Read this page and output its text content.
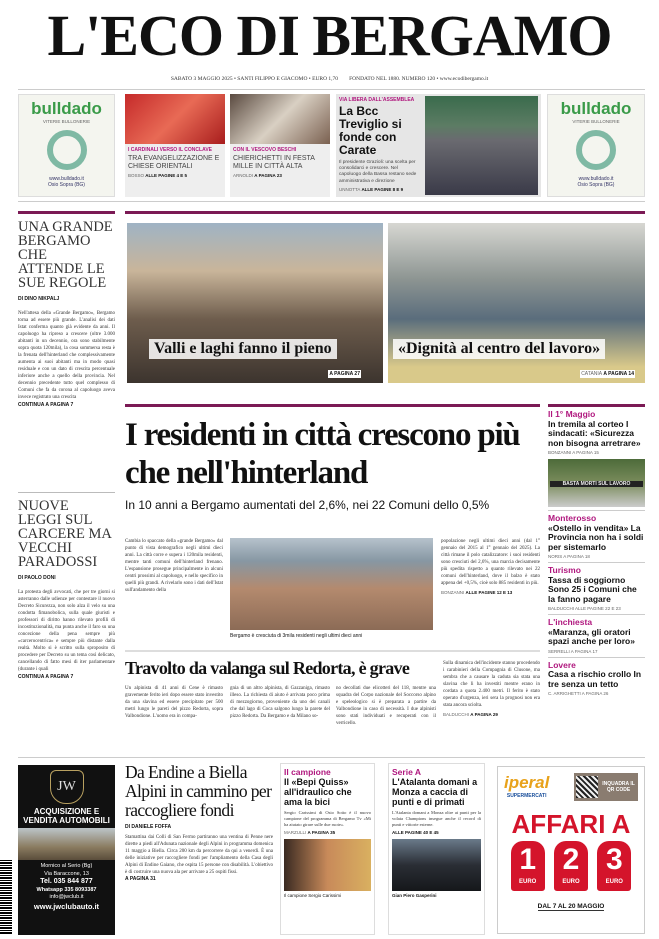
L'ECO DI BERGAMO
SABATO 3 MAGGIO 2025 • SANTI FILIPPO E GIACOMO • EURO 1,70 FONDATO NEL 1880. NUMERO 120 • www.ecodibergamo.it
bulldado
VITERIE BULLONERIE
www.bulldado.it
Osio Sopra (BG)
bulldado
VITERIE BULLONERIE
www.bulldado.it
Osio Sopra (BG)
I CARDINALI VERSO IL CONCLAVE
TRA EVANGELIZZAZIONE E CHIESE ORIENTALI
BOSSO ALLE PAGINE 4 E 5
CON IL VESCOVO BESCHI
CHIERICHETTI IN FESTA MILLE IN CITTÀ ALTA
ARNOLDI A PAGINA 23
VIA LIBERA DALL'ASSEMBLEA
La Bcc Treviglio si fonde con Carate
Il presidente Grazioli: una scelta per consolidarci e crescere. Nel capoluogo della Bassa restano sede amministrativa e direzione
UNNOTTA ALLE PAGINE 8 E 9
UNA GRANDE BERGAMO CHE ATTENDE LE SUE REGOLE
DI DINO NIKPALJ
Nell'attesa della «Grande Bergamo», Bergamo torna ad essere più grande. L'analisi dei dati Istat conferma quanto già evidente da anni. Il capoluogo ha ripreso a crescere (oltre 3.000 abitanti in un decennio, ora sono stabilmente sopra quota 120mila), la cosa sommersa resta è la frenata dell'hinterland che complessivamente aumenta ai suoi abitanti ma in modo quasi residuale e con un dato di crescita percentuale inferiore anche a quello della provincia. Nel decennio precedente tutto quel complesso di Comuni che fa da corona al capoluogo aveva invece registrato una crescita
CONTINUA A PAGINA 7
NUOVE LEGGI SUL CARCERE MA VECCHI PARADOSSI
DI PAOLO DONI
La protesta degli avvocati, che per tre giorni si asterranno dalle udienze per contestare il nuovo Decreto Sicurezza, non solo alza il velo su una condotta fimanobolica, sulla quale giuristi e professori di diritto hanno rilevato profili di incostituzionalità, ma punta anche il faro su una concezione della pena sempre più «carcerocentrica» e sempre più distante dalla realtà. Molto si è scritto sulla sproposito di procedere per Decreto su un tema così delicato, cancellando di fatto mesi di iter parlamentare (durante i quali
CONTINUA A PAGINA 7
Valli e laghi fanno il pieno
A PAGINA 27
«Dignità al centro del lavoro»
CATANIA A PAGINA 14
I residenti in città crescono più che nell'hinterland
In 10 anni a Bergamo aumentati del 2,6%, nei 22 Comuni dello 0,5%
Cambia lo spaccato della «grande Bergamo» dal punto di vista demografico negli ultimi dieci anni. La città corre e supera i 120mila residenti, mentre tanti comuni dell'hinterland frenano. L'espansione prosegue principalmente in alcuni centri prossimi al capoluogo, e nello specifico in quelli più grandi. A rivelarlo sono i dati dell'Istat sull'andamento della
Bergamo è cresciuta di 3mila residenti negli ultimi dieci anni
popolazione negli ultimi dieci anni (dal 1° gennaio del 2015 al 1° gennaio del 2025). La città rimane il polo catalizzatore: i suoi residenti sono cresciuti del 2,6%, una marcia decisamente più spedita rispetto a quanto rilevato nei 22 comuni dell'hinterland, dove il balzo è stato appena del +0,5%, cioè solo 885 residenti in più.
BONZANNI ALLE PAGINE 12 E 13
Travolto da valanga sul Redorta, è grave
Un alpinista di 41 anni di Cene è rimasto gravemente ferito ieri dopo essere stato investito da una slavina ed essere precipitato per 500 metri lungo le pareti del pizzo Redorta, sopra Valbondione. L'uomo era in compa-
gnia di un altro alpinista, di Gazzaniga, rimasto illeso. La richiesta di aiuto è arrivata poco prima di mezzogiorno, proveniente da uno dei canali che dal lago di Coca salgono lungo la parete del pizzo Redorta. Da Bergamo e da Milano so-
no decollati due elicotteri del 118, mentre una squadra del Corpo nazionale del Soccorso alpino e speleologico si è preparata a partire da Valbondione in caso di necessità. I due alpinisti sono stati individuati e recuperati con il verricello.
Sulla dinamica dell'incidente stanno procedendo i carabinieri della Compagnia di Clusone, ma sembra che a causare la caduta sia stata una slavina che li ha investiti mentre erano in cordata a quota 2.400 metri. Il ferito è stato operato d'urgenza, ieri sera la prognosi non era stata ancora sciolta.
BALDUCCHI A PAGINA 29
Il 1° Maggio
In tremila al corteo I sindacati: «Sicurezza non bisogna arretrare»
BONZANNI A PAGINA 15
BASTA MORTI SUL LAVORO
Monterosso
«Ostello in vendita» La Provincia non ha i soldi per sistemarlo
NORIS A PAGINA 18
Turismo
Tassa di soggiorno Sono 25 i Comuni che la fanno pagare
BALDUCCHI ALLE PAGINE 22 E 23
L'inchiesta
«Maranza, gli oratori spazi anche per loro»
SERRELLI A PAGINA 17
Lovere
Casa a rischio crollo In tre senza un tetto
C. ARRIGHETTI A PAGINA 26
JW
ACQUISIZIONE E VENDITA AUTOMOBILI
Mornico al Serio (Bg)
Via Baraccone, 13
Tel. 035 844 877
Whatsapp 335 8093387
info@jwclub.it
www.jwclubauto.it
Da Endine a Biella Alpini in cammino per raccogliere fondi
DI DANIELE FOFFA
Stamattina dai Colli di San Fermo partiranno una ventina di Penne nere dirette a piedi all'Adunata nazionale degli Alpini in programma domenica 11 maggio a Biella. Circa 200 km da percorrere da qui a venerdì. È una delle iniziative per raccogliere fondi per l'ampliamento della Casa degli Alpini di Endine Gaiano, che ospita 15 persone con disabilità. L'obiettivo è di costruire una nuova ala per arrivare a 25 ospiti fissi.
A PAGINA 31
Il campione
Il «Bepi Quiss» all'idraulico che ama la bici
Sergio Carissimi di Osio Sotto è il nuovo campione del programma di Bergamo Tv «Mi ha aiutato girare sulle due ruote».
MARZULLI A PAGINA 35
Il campione Sergio Carissimi
Serie A
L'Atalanta domani a Monza a caccia di punti e di primati
L'Atalanta domani a Monza oltre ai punti per la volata Champions insegue anche il record di punti e vittorie esterne.
ALLE PAGINE 40 E 45
Gian Piero Gasperini
iperal
SUPERMERCATI
INQUADRA IL QR CODE
AFFARI A
1
EURO
2
EURO
3
EURO
DAL 7 AL 20 MAGGIO
